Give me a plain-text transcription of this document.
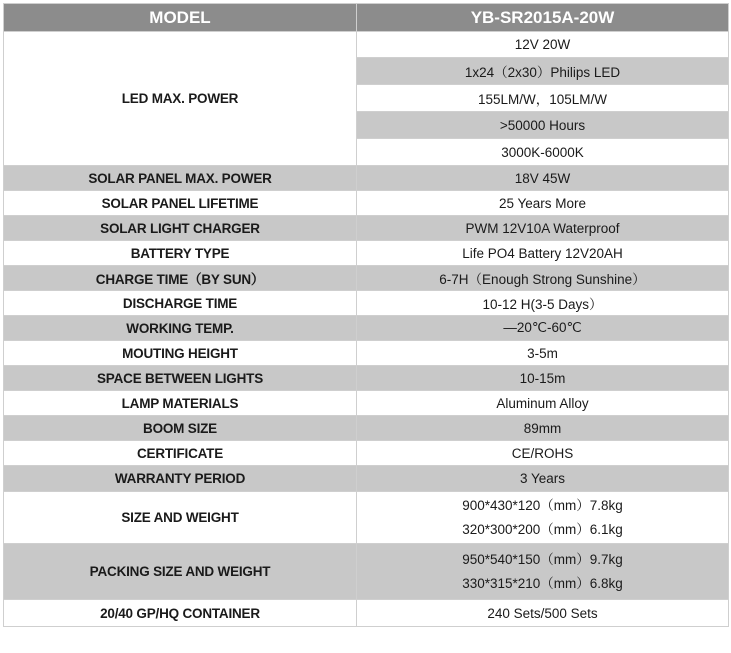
MODEL	YB-SR2015A-20W
LED MAX. POWER	12V 20W
	1x24（2x30）Philips LED
	155LM/W，105LM/W
	>50000 Hours
	3000K-6000K
SOLAR PANEL MAX. POWER	18V 45W
SOLAR PANEL LIFETIME	25 Years More
SOLAR LIGHT CHARGER	PWM 12V10A Waterproof
BATTERY TYPE	Life PO4 Battery 12V20AH
CHARGE TIME（BY SUN）	6-7H（Enough Strong Sunshine）
DISCHARGE TIME	10-12 H(3-5 Days）
WORKING TEMP.	—20℃-60℃
MOUTING HEIGHT	3-5m
SPACE BETWEEN LIGHTS	10-15m
LAMP MATERIALS	Aluminum Alloy
BOOM SIZE	89mm
CERTIFICATE	CE/ROHS
WARRANTY PERIOD	3 Years
SIZE AND WEIGHT	900*430*120（mm）7.8kg
320*300*200（mm）6.1kg

PACKING SIZE AND WEIGHT	950*540*150（mm）9.7kg
330*315*210（mm）6.8kg

20/40 GP/HQ CONTAINER	240 Sets/500 Sets
